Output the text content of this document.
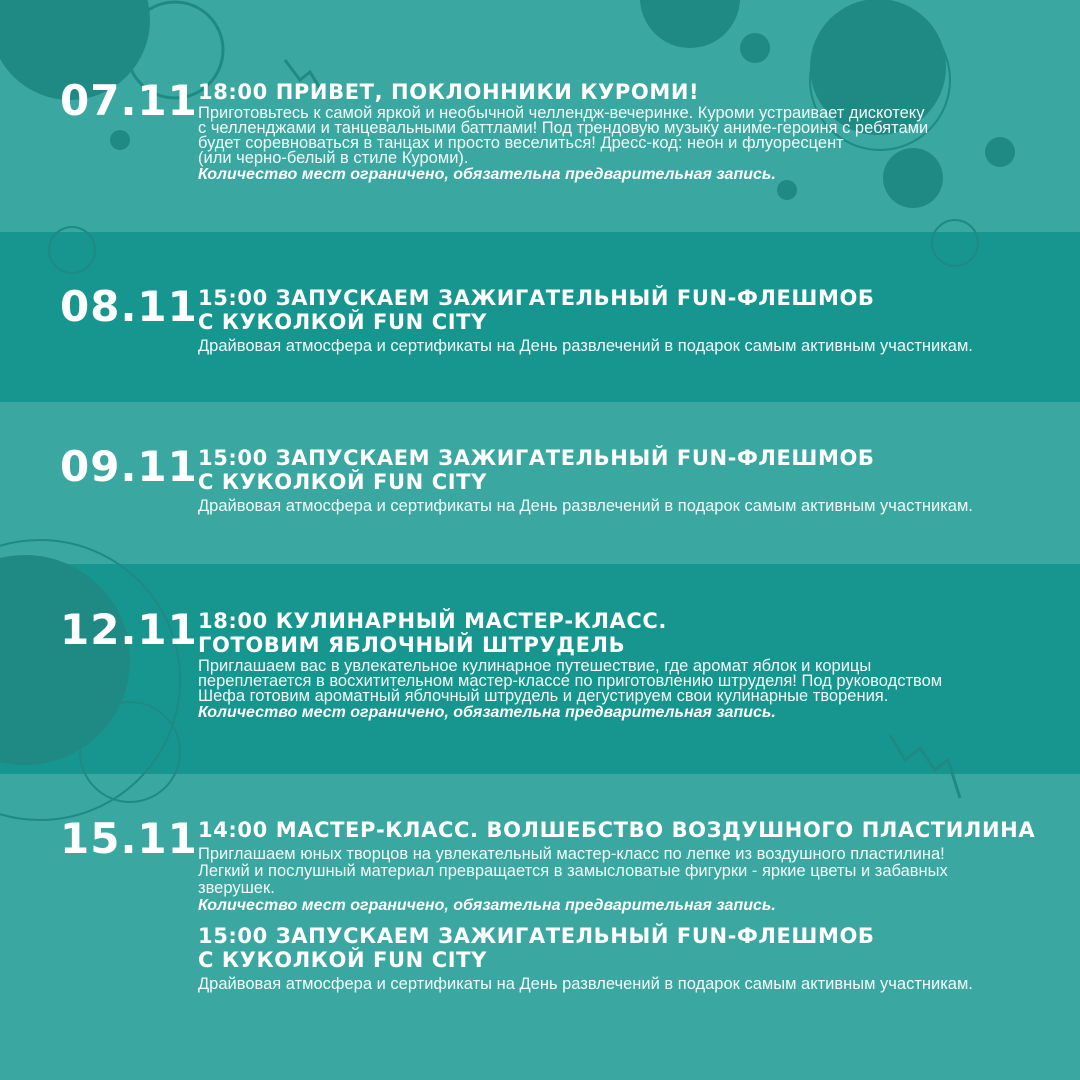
07.11 18:00 ПРИВЕТ, ПОКЛОННИКИ КУРОМИ!
Приготовьтесь к самой яркой и необычной челлендж-вечеринке. Куроми устраивает дискотеку
с челленджами и танцевальными баттлами! Под трендовую музыку аниме-героиня с ребятами
будет соревноваться в танцах и просто веселиться! Дресс-код: неон и флуоресцент
(или черно-белый в стиле Куроми).
Количество мест ограничено, обязательна предварительная запись.
08.11 15:00 ЗАПУСКАЕМ ЗАЖИГАТЕЛЬНЫЙ FUN-ФЛЕШМОБ
С КУКОЛКОЙ FUN CITY
Драйвовая атмосфера и сертификаты на День развлечений в подарок самым активным участникам.
09.11 15:00 ЗАПУСКАЕМ ЗАЖИГАТЕЛЬНЫЙ FUN-ФЛЕШМОБ
С КУКОЛКОЙ FUN CITY
Драйвовая атмосфера и сертификаты на День развлечений в подарок самым активным участникам.
12.11 18:00 КУЛИНАРНЫЙ МАСТЕР-КЛАСС.
ГОТОВИМ ЯБЛОЧНЫЙ ШТРУДЕЛЬ
Приглашаем вас в увлекательное кулинарное путешествие, где аромат яблок и корицы
переплетается в восхитительном мастер-классе по приготовлению штруделя! Под руководством
Шефа готовим ароматный яблочный штрудель и дегустируем свои кулинарные творения.
Количество мест ограничено, обязательна предварительная запись.
15.11 14:00 МАСТЕР-КЛАСС. ВОЛШЕБСТВО ВОЗДУШНОГО ПЛАСТИЛИНА
Приглашаем юных творцов на увлекательный мастер-класс по лепке из воздушного пластилина!
Легкий и послушный материал превращается в замысловатые фигурки - яркие цветы и забавных
зверушек.
Количество мест ограничено, обязательна предварительная запись.
15:00 ЗАПУСКАЕМ ЗАЖИГАТЕЛЬНЫЙ FUN-ФЛЕШМОБ
С КУКОЛКОЙ FUN CITY
Драйвовая атмосфера и сертификаты на День развлечений в подарок самым активным участникам.
